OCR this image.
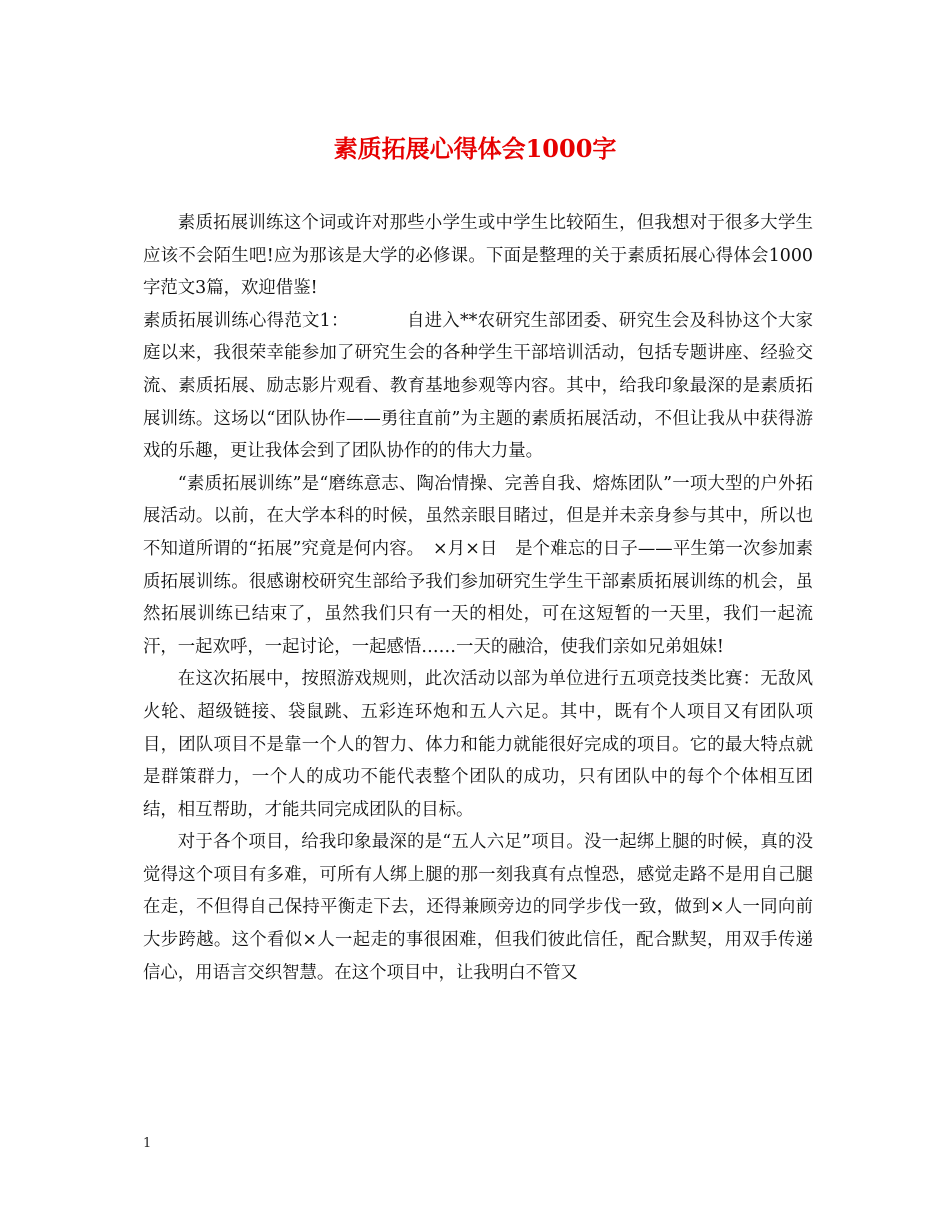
素质拓展心得体会1000字

素质拓展训练这个词或许对那些小学生或中学生比较陌生，但我想对于很多大学生应该不会陌生吧!应为那该是大学的必修课。下面是整理的关于素质拓展心得体会1000字范文3篇，欢迎借鉴!

素质拓展训练心得范文1：	自进入**农研究生部团委、研究生会及科协这个大家庭以来，我很荣幸能参加了研究生会的各种学生干部培训活动，包括专题讲座、经验交流、素质拓展、励志影片观看、教育基地参观等内容。其中，给我印象最深的是素质拓展训练。这场以“团队协作——勇往直前”为主题的素质拓展活动，不但让我从中获得游戏的乐趣，更让我体会到了团队协作的的伟大力量。

“素质拓展训练”是“磨练意志、陶冶情操、完善自我、熔炼团队”一项大型的户外拓展活动。以前，在大学本科的时候，虽然亲眼目睹过，但是并未亲身参与其中，所以也不知道所谓的“拓展”究竟是何内容。　×月×日　是个难忘的日子——平生第一次参加素质拓展训练。很感谢校研究生部给予我们参加研究生学生干部素质拓展训练的机会，虽然拓展训练已结束了，虽然我们只有一天的相处，可在这短暂的一天里，我们一起流汗，一起欢呼，一起讨论，一起感悟……一天的融洽，使我们亲如兄弟姐妹!

在这次拓展中，按照游戏规则，此次活动以部为单位进行五项竞技类比赛：无敌风火轮、超级链接、袋鼠跳、五彩连环炮和五人六足。其中，既有个人项目又有团队项目，团队项目不是靠一个人的智力、体力和能力就能很好完成的项目。它的最大特点就是群策群力，一个人的成功不能代表整个团队的成功，只有团队中的每个个体相互团结，相互帮助，才能共同完成团队的目标。

对于各个项目，给我印象最深的是“五人六足”项目。没一起绑上腿的时候，真的没觉得这个项目有多难，可所有人绑上腿的那一刻我真有点惶恐，感觉走路不是用自己腿在走，不但得自己保持平衡走下去，还得兼顾旁边的同学步伐一致，做到×人一同向前大步跨越。这个看似×人一起走的事很困难，但我们彼此信任，配合默契，用双手传递信心，用语言交织智慧。在这个项目中，让我明白不管又

1
